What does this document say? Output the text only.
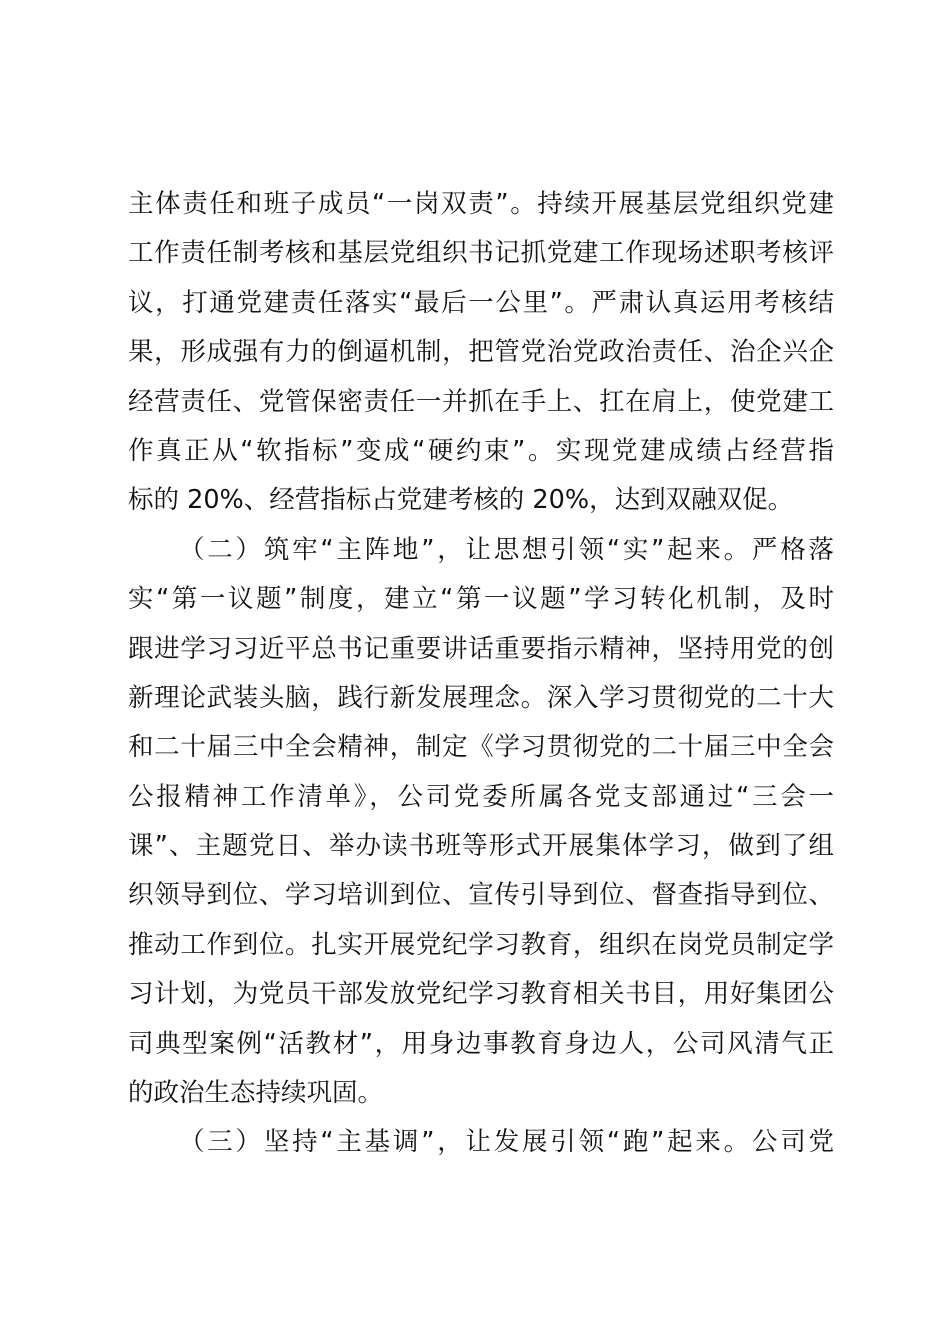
主体责任和班子成员“一岗双责”。持续开展基层党组织党建
工作责任制考核和基层党组织书记抓党建工作现场述职考核评
议，打通党建责任落实“最后一公里”。严肃认真运用考核结
果，形成强有力的倒逼机制，把管党治党政治责任、治企兴企
经营责任、党管保密责任一并抓在手上、扛在肩上，使党建工
作真正从“软指标”变成“硬约束”。实现党建成绩占经营指
标的 20%、经营指标占党建考核的 20%，达到双融双促。
（二）筑牢“主阵地”，让思想引领“实”起来。严格落
实“第一议题”制度，建立“第一议题”学习转化机制，及时
跟进学习习近平总书记重要讲话重要指示精神，坚持用党的创
新理论武装头脑，践行新发展理念。深入学习贯彻党的二十大
和二十届三中全会精神，制定《学习贯彻党的二十届三中全会
公报精神工作清单》，公司党委所属各党支部通过“三会一
课”、主题党日、举办读书班等形式开展集体学习，做到了组
织领导到位、学习培训到位、宣传引导到位、督查指导到位、
推动工作到位。扎实开展党纪学习教育，组织在岗党员制定学
习计划，为党员干部发放党纪学习教育相关书目，用好集团公
司典型案例“活教材”，用身边事教育身边人，公司风清气正
的政治生态持续巩固。
（三）坚持“主基调”，让发展引领“跑”起来。公司党
